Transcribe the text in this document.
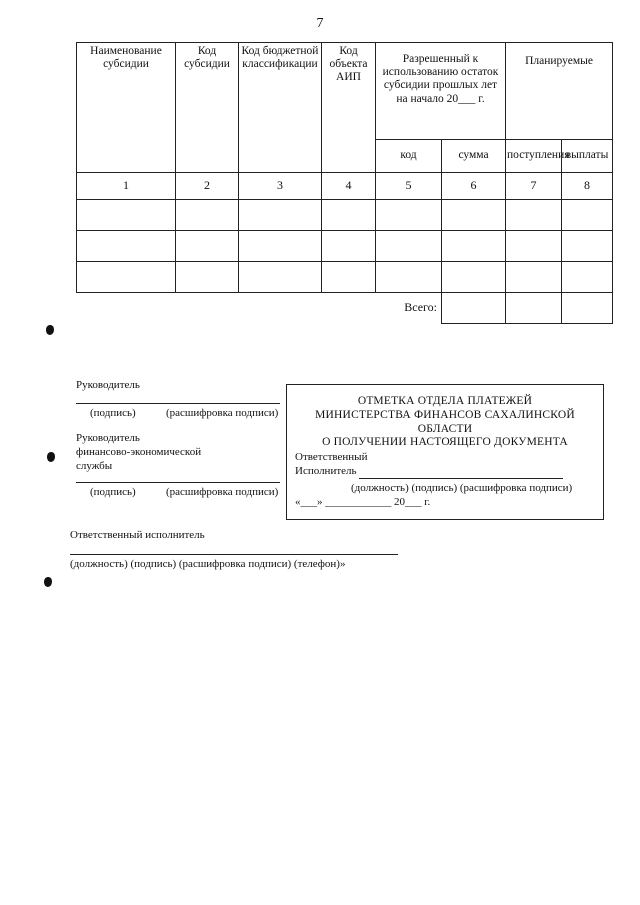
7
Наименование субсидии	Код субсидии	Код бюджетной классификации	Код объекта АИП	Разрешенный к использованию остаток субсидии прошлых лет на начало 20___ г.		Планируемые	
				код	сумма	поступления	выплаты
1	2	3	4	5	6	7	8

				Всего:			
Руководитель
(подпись)	(расшифровка подписи)
Руководитель
финансово-экономической
службы
(подпись)	(расшифровка подписи)
Ответственный исполнитель
(должность) (подпись) (расшифровка подписи) (телефон)»
ОТМЕТКА ОТДЕЛА ПЛАТЕЖЕЙ
МИНИСТЕРСТВА ФИНАНСОВ САХАЛИНСКОЙ ОБЛАСТИ
О ПОЛУЧЕНИИ НАСТОЯЩЕГО ДОКУМЕНТА
Ответственный
Исполнитель
(должность) (подпись) (расшифровка подписи)
«___» ____________ 20___ г.
